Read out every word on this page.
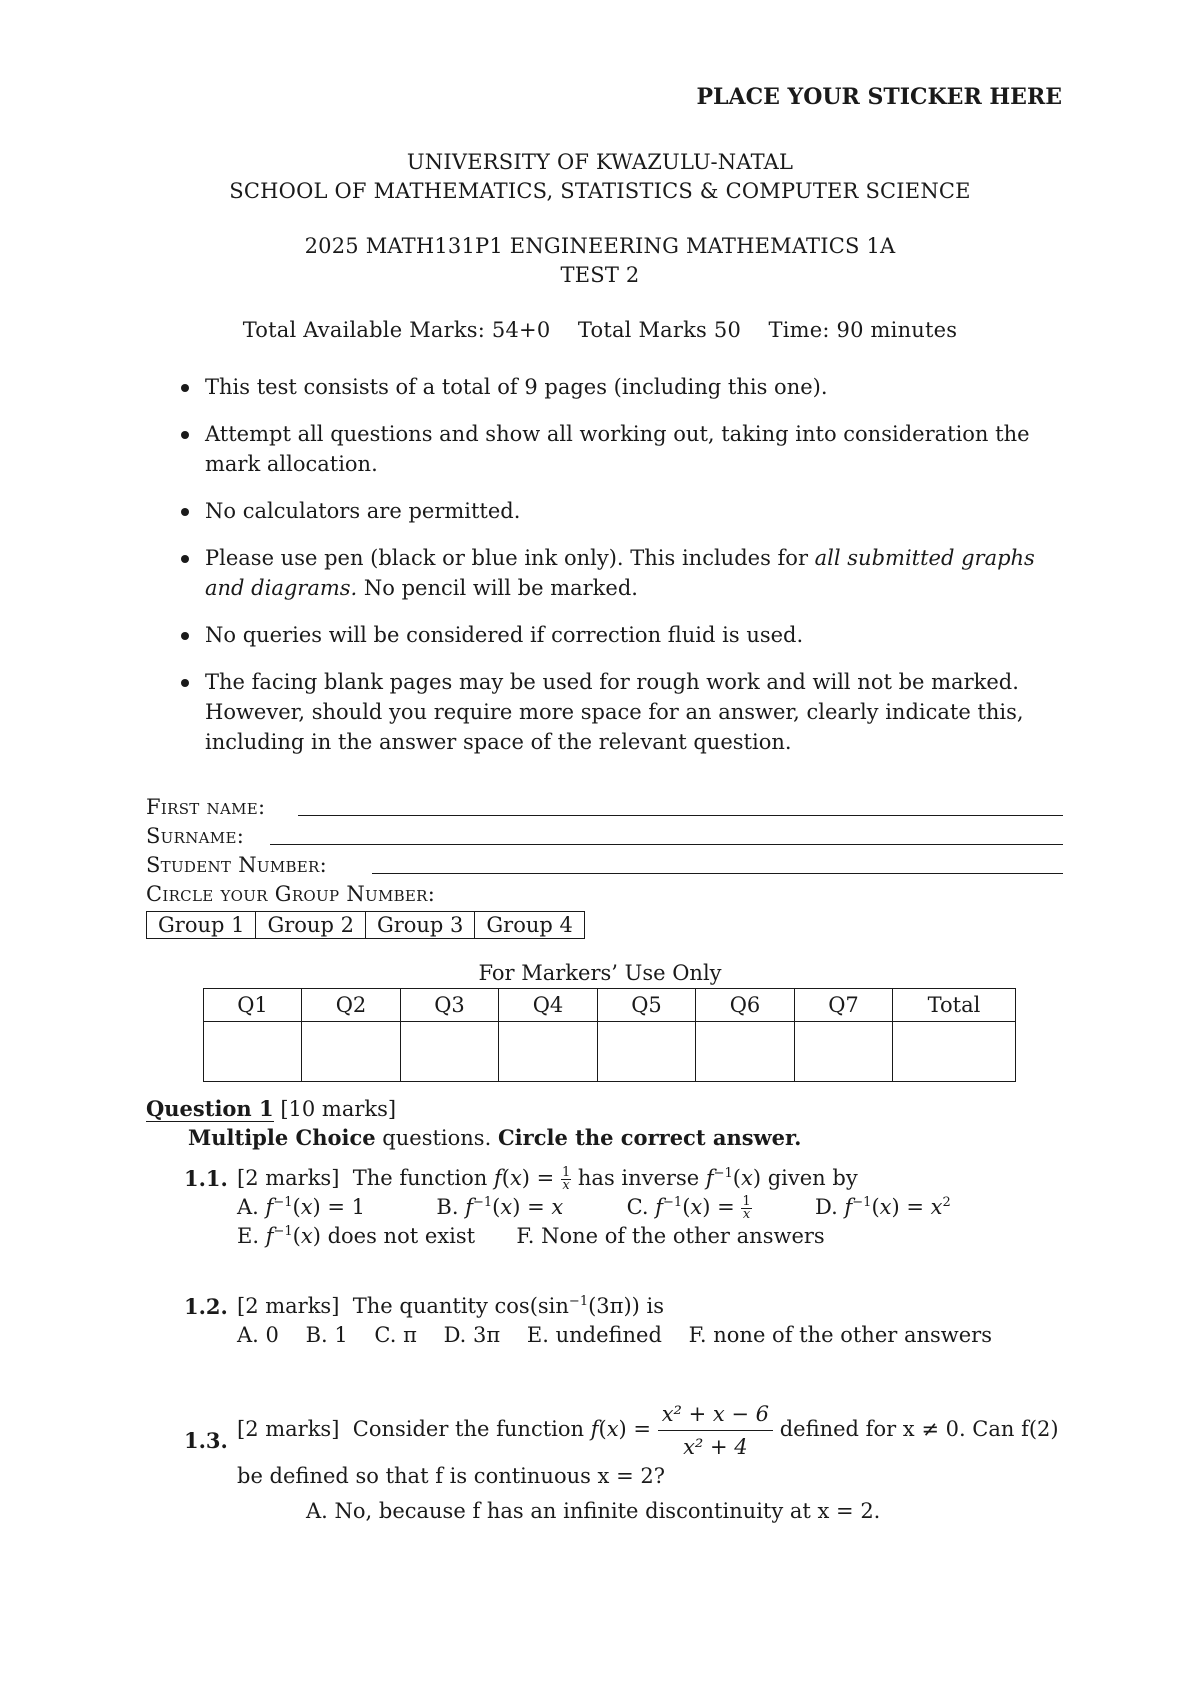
PLACE YOUR STICKER HERE
UNIVERSITY OF KWAZULU-NATAL
SCHOOL OF MATHEMATICS, STATISTICS & COMPUTER SCIENCE
2025 MATH131P1 ENGINEERING MATHEMATICS 1A
TEST 2
Total Available Marks: 54+0    Total Marks 50    Time: 90 minutes
This test consists of a total of 9 pages (including this one).
Attempt all questions and show all working out, taking into consideration the mark allocation.
No calculators are permitted.
Please use pen (black or blue ink only). This includes for all submitted graphs and diagrams. No pencil will be marked.
No queries will be considered if correction fluid is used.
The facing blank pages may be used for rough work and will not be marked. However, should you require more space for an answer, clearly indicate this, including in the answer space of the relevant question.
First name:
Surname:
Student Number:
Circle your Group Number:
Group 1	Group 2	Group 3	Group 4
For Markers’ Use Only
Q1	Q2	Q3	Q4	Q5	Q6	Q7	Total

Question 1 [10 marks]
Multiple Choice questions. Circle the correct answer.
1.1. [2 marks]  The function $f(x) = \frac{1}{x}$ has inverse $f^{-1}(x)$ given by
A. $f^{-1}(x) = 1$	B. $f^{-1}(x) = x$	C. $f^{-1}(x) = \frac{1}{x}$	D. $f^{-1}(x) = x^2$
E. $f^{-1}(x)$ does not exist F. None of the other answers
1.2. [2 marks]  The quantity $\cos(\sin^{-1}(3\pi))$ is
A. 0    B. 1    C. π    D. 3π    E. undefined    F. none of the other answers
1.3. [2 marks]  Consider the function $f(x) = \frac{\text{x² + x − 6}}{\text{x² + 4}}$ defined for x ≠ 0. Can f(2)
be defined so that f is continuous x = 2?
A. No, because f has an infinite discontinuity at x = 2.
